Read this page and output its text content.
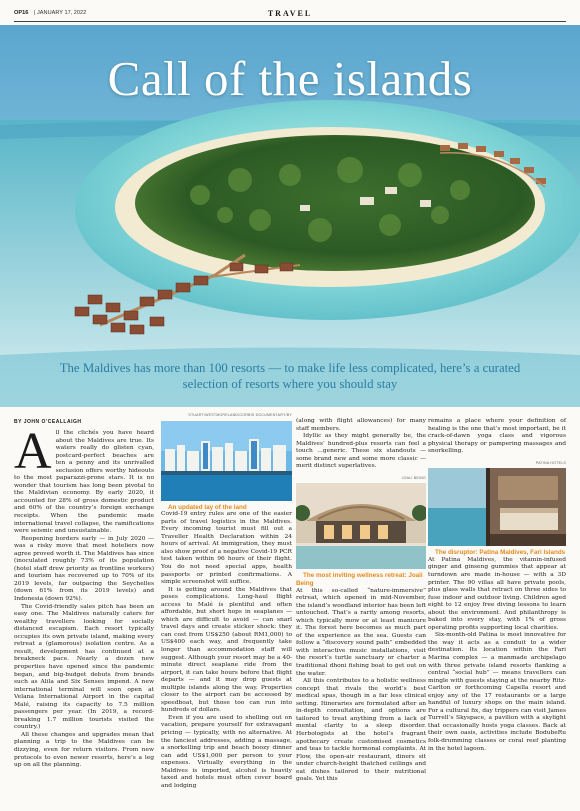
OP16 | JANUARY 17, 2022	TRAVEL
Call of the islands
The Maldives has more than 100 resorts — to make life less complicated, here’s a curated selection of resorts where you should stay
BY JOHN O’CEALLAIGH

All the clichés you have heard about the Maldives are true. Its waters really do glisten cyan, postcard-perfect beaches are ten a penny and its unrivalled seclusion offers worthy hideouts to the most paparazzi-prone stars. It is no wonder that tourism has long been pivotal to the Maldivian economy. By early 2020, it accounted for 28% of gross domestic product and 60% of the country’s foreign exchange receipts. When the pandemic made international travel collapse, the ramifications were seismic and unsustainable.

Reopening borders early — in July 2020 — was a risky move that most hoteliers now agree proved worth it. The Maldives has since (inoculated roughly 73% of its population (hotel staff drew priority as frontline workers) and tourism has recovered up to 70% of its 2019 levels, far outpacing the Seychelles (down 61% from its 2019 levels) and Indonesia (down 92%).

The Covid-friendly sales pitch has been an easy one. The Maldives naturally caters for wealthy travellers looking for socially distanced escapism. Each resort typically occupies its own private island, making every retreat a (glamorous) isolation centre. As a result, development has continued at a breakneck pace. Nearly a dozen new properties have opened since the pandemic began, and big-budget debuts from brands such as Alila and Six Senses impend. A new international terminal will soon open at Velana International Airport in the capital Malé, raising its capacity to 7.5 million passengers per year. (In 2019, a record-breaking 1.7 million tourists visited the country.)

All these changes and upgrades mean that planning a trip to the Maldives can be dizzying, even for return visitors. From new protocols to even newer resorts, here’s a leg up on all the planning.

STUART/WESTMORELAND/CORBIS DOCUMENTARY/BY

An updated lay of the land

Covid-19 entry rules are one of the easier parts of travel logistics in the Maldives. Every incoming tourist must fill out a Traveller Health Declaration within 24 hours of arrival. At immigration, they must also show proof of a negative Covid-19 PCR test taken within 96 hours of their flight. You do not need special apps, health passports or printed confirmations. A simple screenshot will suffice.

It is getting around the Maldives that poses complications. Long-haul flight access to Malé is plentiful and often affordable, but short hops in seaplanes — which are difficult to avoid — can snarl travel days and create sticker shock: they can cost from US$250 (about RM1,000) to US$400 each way, and frequently take longer than accommodation staff will suggest. Although your resort may be a 40-minute direct seaplane ride from the airport, it can take hours before that flight departs — and it may drop guests at multiple islands along the way. Properties closer to the airport can be accessed by speedboat, but those too can run into hundreds of dollars.

Even if you are used to shelling out on vacation, prepare yourself for extravagant pricing — typically, with no alternative. At the fanciest addresses, adding a massage, a snorkelling trip and beach boozy dinner can add US$1,000 per person to your expenses. Virtually everything in the Maldives is imported, alcohol is heavily taxed and hotels must often cover board and lodging

(along with flight allowances) for many staff members.

Idyllic as they might generally be, the Maldives’ hundred-plus resorts can feel a touch ...generic. These six standouts — some brand new and some more classic — merit distinct superlatives.

JOALI BEING

The most inviting wellness retreat: Joali Being

At this so-called “nature-immersive” retreat, which opened in mid-November, the island’s woodland interior has been left untouched. That’s a rarity among resorts, which typically mow or at least manicure it. The forest here becomes as much part of the experience as the sea. Guests can follow a “discovery sound path” embedded with interactive music installations, visit the resort’s turtle sanctuary or charter a traditional dhoni fishing boat to get out on the water.

All this contributes to a holistic wellness concept that rivals the world’s best medical spas, though in a far less clinical setting. Itineraries are formulated after an in-depth consultation, and options are tailored to treat anything from a lack of mental clarity to a sleep disorder. Herbologists at the hotel’s fragrant apothecary create customised cosmetics and teas to tackle hormonal complaints. At Flow, the open-air restaurant, diners sit under church-height thatched ceilings and eat dishes tailored to their nutritional goals. Yet this

remains a place where your definition of healing is the one that’s most important, be it crack-of-dawn yoga class and vigorous physical therapy or pampering massages and snorkelling.

PATINA HOTELS

The disruptor: Patina Maldives, Fari Islands

At Patina Maldives, the vitamin-infused ginger and ginseng gummies that appear at turndown are made in-house — with a 3D printer. The 90 villas all have private pools, plus glass walls that retract on three sides to fuse indoor and outdoor living. Children aged eight to 12 enjoy free diving lessons to learn about the environment. And philanthropy is baked into every stay, with 1% of gross operating profits supporting local charities.

Six-month-old Patina is most innovative for the way it acts as a conduit to a wider destination. Its location within the Fari Marina complex — a manmade archipelago with three private island resorts flanking a central “social hub” — means travellers can mingle with guests staying at the nearby Ritz-Carlton or forthcoming Capella resort and enjoy any of the 17 restaurants or a large handful of luxury shops on the main island. For a cultural fix, day trippers can visit James Turrell’s Skyspace, a pavilion with a skylight that occasionally hosts yoga classes. Back at their own oasis, activities include BodubeRu folk-drumming classes or coral reef planting in the hotel lagoon.
